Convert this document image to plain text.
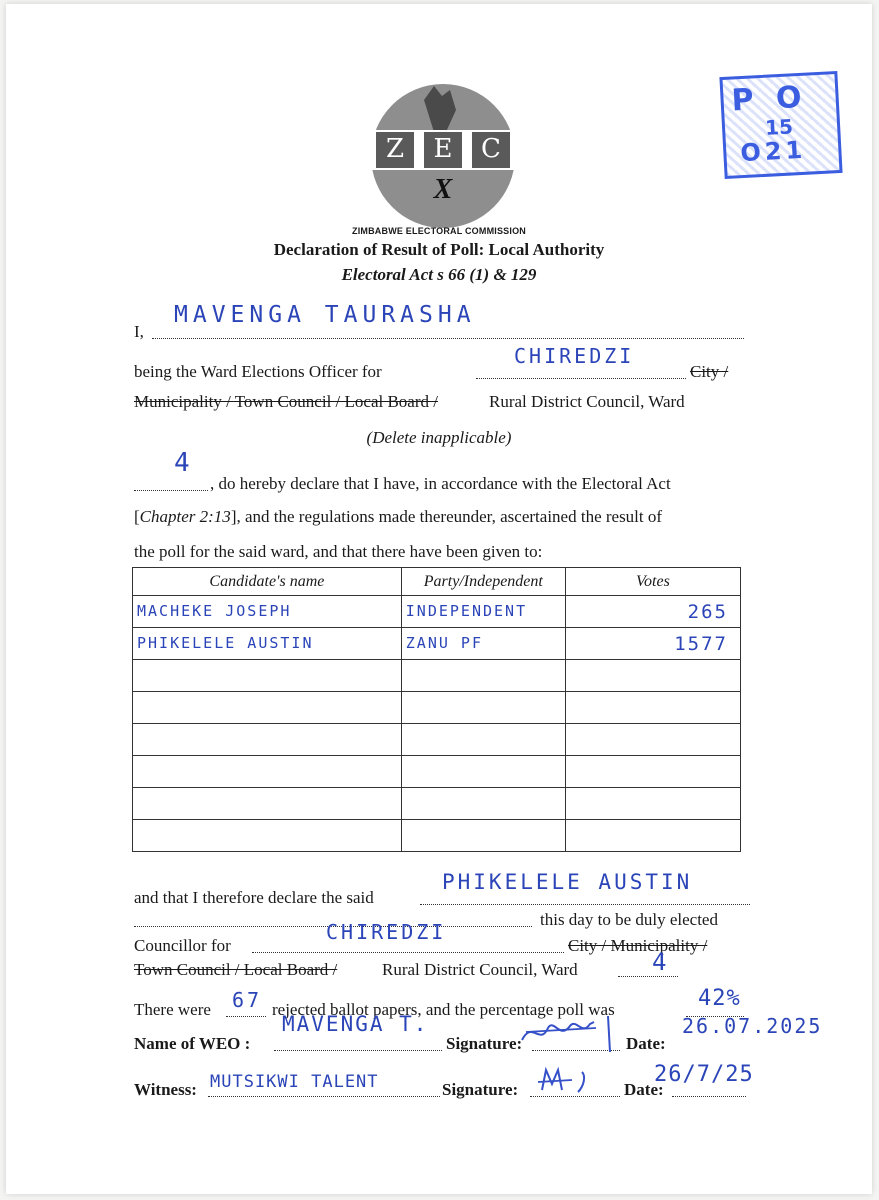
P O
15
O21
Z	E	C
X
ZIMBABWE ELECTORAL COMMISSION
Declaration of Result of Poll: Local Authority
Electoral Act s 66 (1) & 129
I,
MAVENGA TAURASHA
being the Ward Elections Officer for
CHIREDZI
City /
Municipality / Town Council / Local Board /	Rural District Council, Ward
(Delete inapplicable)
4
, do hereby declare that I have, in accordance with the Electoral Act
[Chapter 2:13], and the regulations made thereunder, ascertained the result of
the poll for the said ward, and that there have been given to:
Candidate's name	Party/Independent	Votes
MACHEKE JOSEPH	INDEPENDENT	265
PHIKELELE AUSTIN	ZANU PF	1577

and that I therefore declare the said
PHIKELELE AUSTIN
this day to be duly elected
Councillor for
CHIREDZI
City / Municipality /
Town Council / Local Board /	Rural District Council, Ward	4
There were 67 rejected ballot papers, and the percentage poll was	42%
Name of WEO :
MAVENGA T.
Signature:	Date:
26.07.2025
Witness: MUTSIKWI TALENT	Signature:	Date:
26/7/25
